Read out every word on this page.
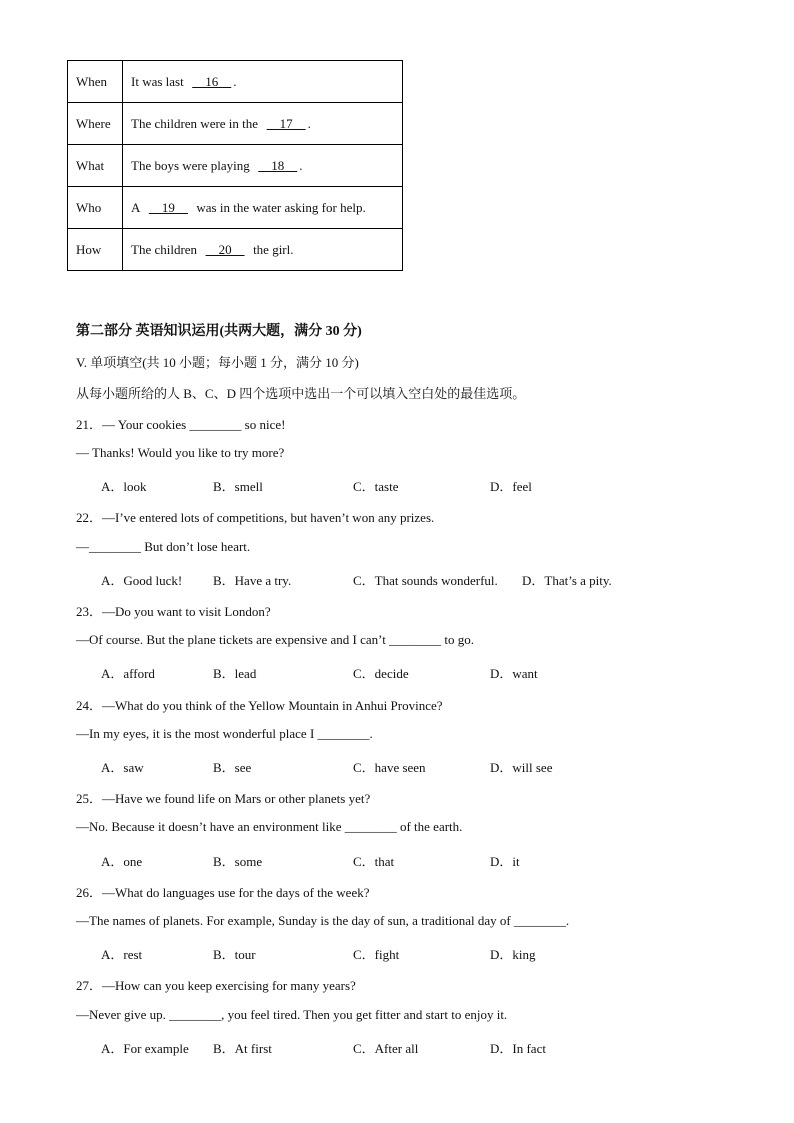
When	It was last      16    .
Where	The children were in the      17    .
What	The boys were playing      18    .
Who	A      19      was in the water asking for help.
How	The children      20      the girl.
第二部分 英语知识运用(共两大题，满分 30 分)
V. 单项填空(共 10 小题；每小题 1 分，满分 10 分)
从每小题所给的人 B、C、D 四个选项中选出一个可以填入空白处的最佳选项。
21．— Your cookies ________ so nice!
— Thanks! Would you like to try more?
A．look	B．smell	C．taste	D．feel
22．—I’ve entered lots of competitions, but haven’t won any prizes.
—________ But don’t lose heart.
A．Good luck! B．Have a try.	C．That sounds wonderful. D．That’s a pity.
23．—Do you want to visit London?
—Of course. But the plane tickets are expensive and I can’t ________ to go.
A．afford	B．lead	C．decide	D．want
24．—What do you think of the Yellow Mountain in Anhui Province?
—In my eyes, it is the most wonderful place I ________.
A．saw	B．see	C．have seen	D．will see
25．—Have we found life on Mars or other planets yet?
—No. Because it doesn’t have an environment like ________ of the earth.
A．one	B．some	C．that	D．it
26．—What do languages use for the days of the week?
—The names of planets. For example, Sunday is the day of sun, a traditional day of ________.
A．rest	B．tour	C．fight	D．king
27．—How can you keep exercising for many years?
—Never give up. ________, you feel tired. Then you get fitter and start to enjoy it.
A．For example B．At first	C．After all	D．In fact
